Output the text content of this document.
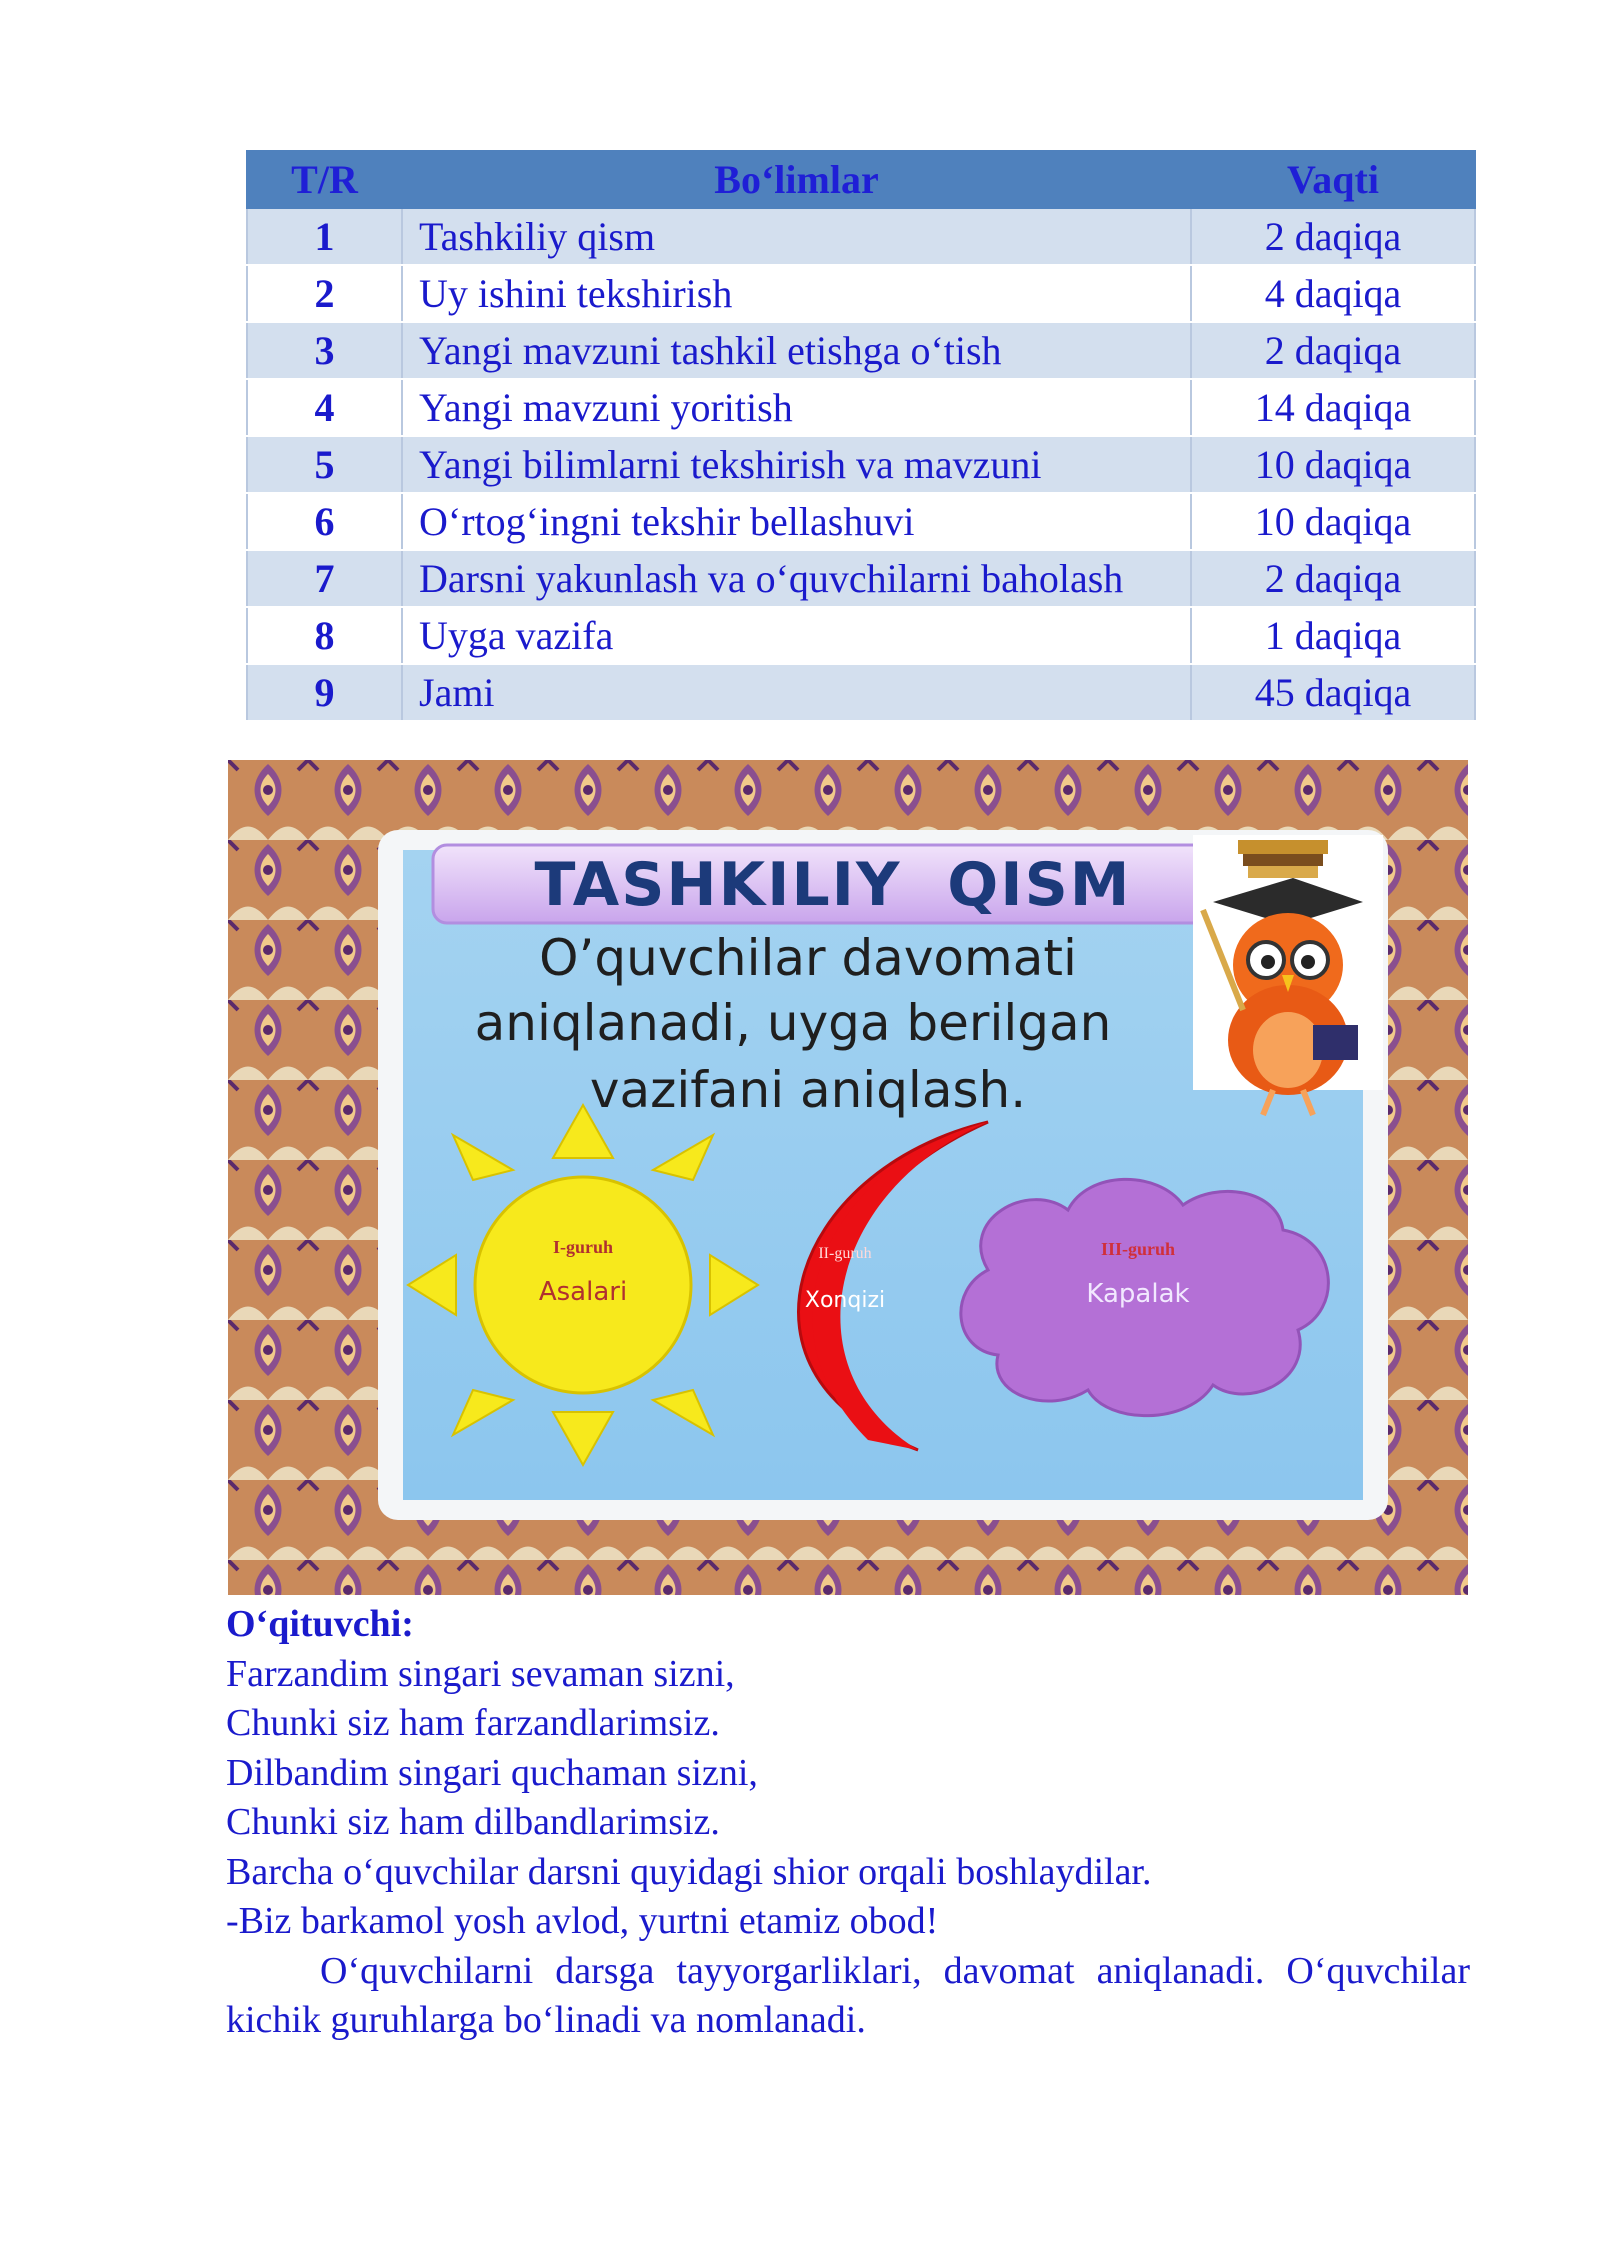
T/R	Bo‘limlar	Vaqti
1	Tashkiliy qism	2 daqiqa
2	Uy ishini tekshirish	4 daqiqa
3	Yangi mavzuni tashkil etishga o‘tish	2 daqiqa
4	Yangi mavzuni yoritish	14 daqiqa
5	Yangi bilimlarni tekshirish va mavzuni	10 daqiqa
6	O‘rtog‘ingni tekshir bellashuvi	10 daqiqa
7	Darsni yakunlash va o‘quvchilarni baholash	2 daqiqa
8	Uyga vazifa	1 daqiqa
9	Jami	45 daqiqa
TASHKILIY  QISM
O’quvchilar davomati
aniqlanadi, uyga berilgan
vazifani aniqlash.
I-guruh
Asalari
II-guruh
Xonqizi
III-guruh
Kapalak

O‘qituvchi:

Farzandim singari sevaman sizni,

Chunki siz ham farzandlarimsiz.

Dilbandim singari quchaman sizni,

Chunki siz ham dilbandlarimsiz.

Barcha o‘quvchilar darsni quyidagi shior orqali boshlaydilar.

-Biz barkamol yosh avlod, yurtni etamiz obod!

O‘quvchilarni darsga tayyorgarliklari, davomat aniqlanadi. O‘quvchilar kichik guruhlarga bo‘linadi va nomlanadi.
